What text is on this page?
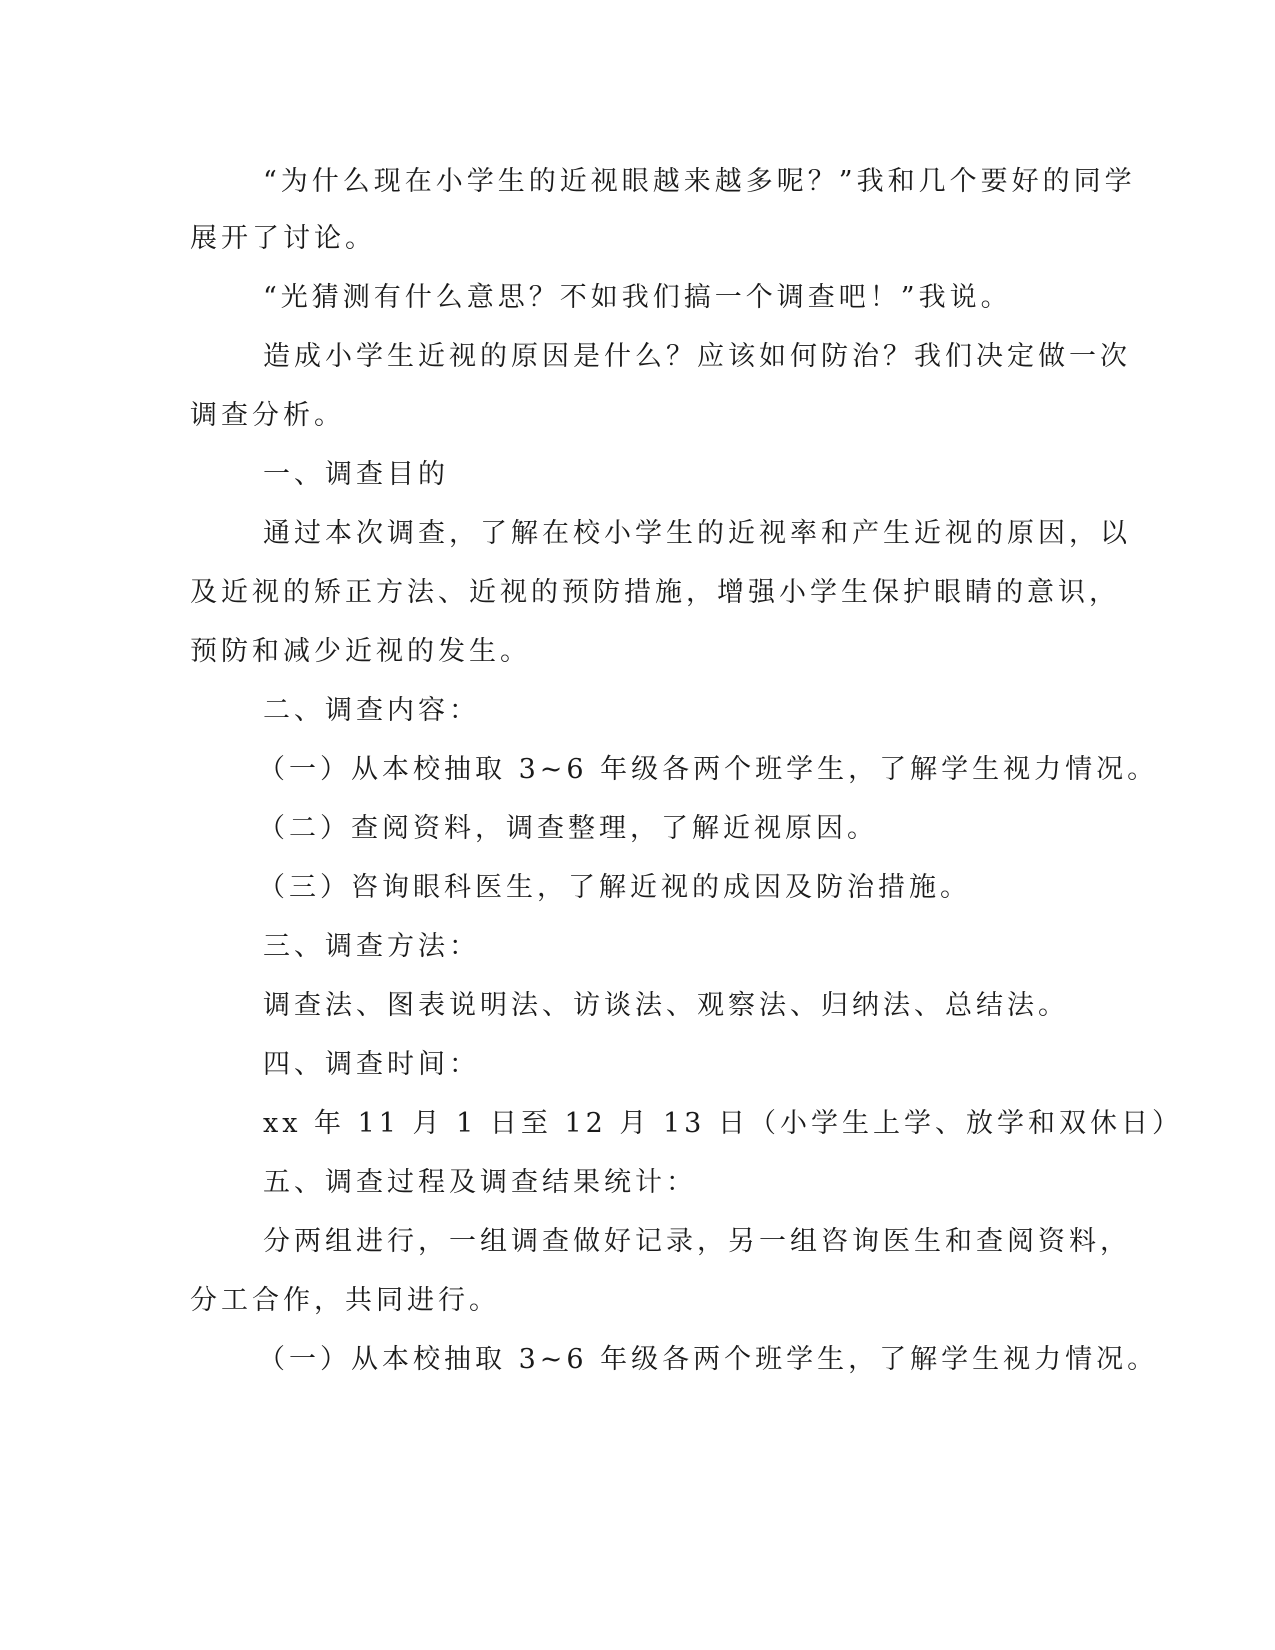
“为什么现在小学生的近视眼越来越多呢？”我和几个要好的同学
展开了讨论。
“光猜测有什么意思？不如我们搞一个调查吧！”我说。
造成小学生近视的原因是什么？应该如何防治？我们决定做一次
调查分析。
一、调查目的
通过本次调查，了解在校小学生的近视率和产生近视的原因，以
及近视的矫正方法、近视的预防措施，增强小学生保护眼睛的意识，
预防和减少近视的发生。
二、调查内容：
（一）从本校抽取 3~6 年级各两个班学生，了解学生视力情况。
（二）查阅资料，调查整理，了解近视原因。
（三）咨询眼科医生，了解近视的成因及防治措施。
三、调查方法：
调查法、图表说明法、访谈法、观察法、归纳法、总结法。
四、调查时间：
xx 年 11 月 1 日至 12 月 13 日（小学生上学、放学和双休日）
五、调查过程及调查结果统计：
分两组进行，一组调查做好记录，另一组咨询医生和查阅资料，
分工合作，共同进行。
（一）从本校抽取 3~6 年级各两个班学生，了解学生视力情况。
